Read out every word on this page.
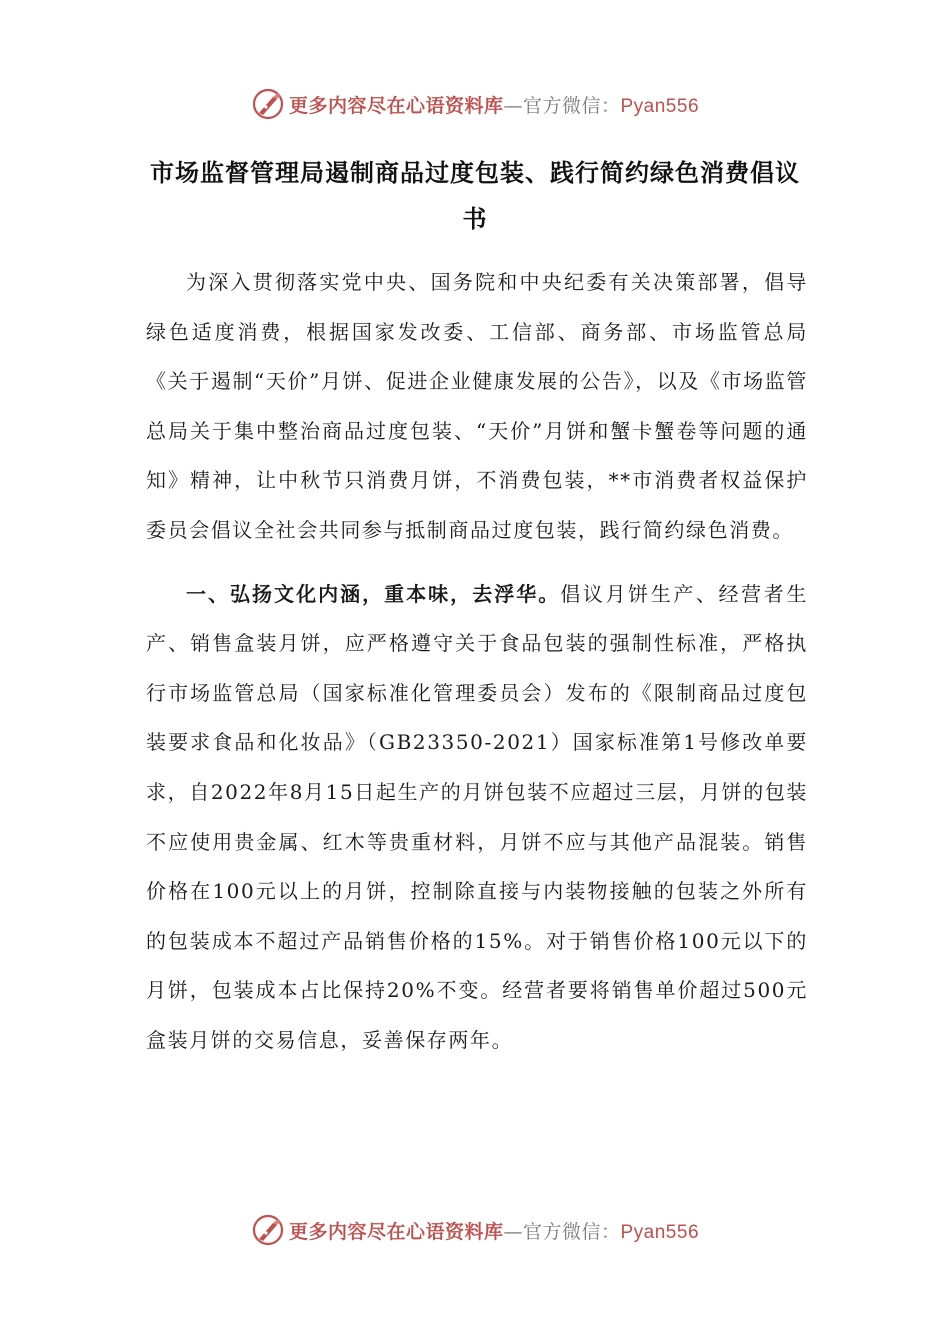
更多内容尽在心语资料库—官方微信：Pyan556
市场监督管理局遏制商品过度包装、践行简约绿色消费倡议书

为深入贯彻落实党中央、国务院和中央纪委有关决策部署，倡导绿色适度消费，根据国家发改委、工信部、商务部、市场监管总局《关于遏制“天价”月饼、促进企业健康发展的公告》，以及《市场监管总局关于集中整治商品过度包装、“天价”月饼和蟹卡蟹卷等问题的通知》精神，让中秋节只消费月饼，不消费包装，**市消费者权益保护委员会倡议全社会共同参与抵制商品过度包装，践行简约绿色消费。

一、弘扬文化内涵，重本味，去浮华。倡议月饼生产、经营者生产、销售盒装月饼，应严格遵守关于食品包装的强制性标准，严格执行市场监管总局（国家标准化管理委员会）发布的《限制商品过度包装要求食品和化妆品》（GB23350-2021）国家标准第1号修改单要求，自2022年8月15日起生产的月饼包装不应超过三层，月饼的包装不应使用贵金属、红木等贵重材料，月饼不应与其他产品混装。销售价格在100元以上的月饼，控制除直接与内装物接触的包装之外所有的包装成本不超过产品销售价格的15%。对于销售价格100元以下的月饼，包装成本占比保持20%不变。经营者要将销售单价超过500元盒装月饼的交易信息，妥善保存两年。

更多内容尽在心语资料库—官方微信：Pyan556
